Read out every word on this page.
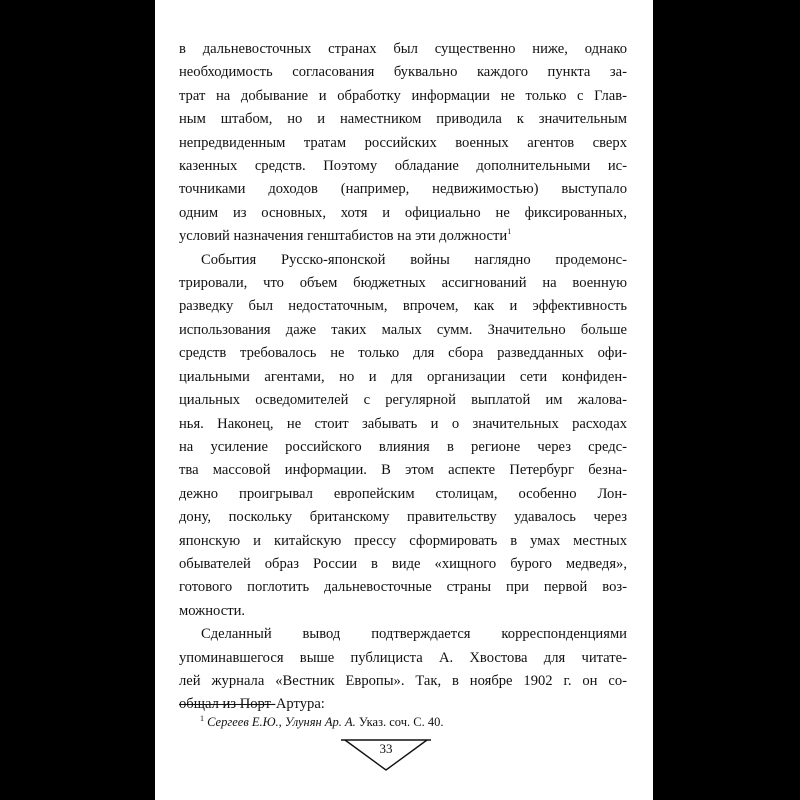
в дальневосточных странах был существенно ниже, однако
необходимость согласования буквально каждого пункта за-
трат на добывание и обработку информации не только с Глав-
ным штабом, но и наместником приводила к значительным
непредвиденным тратам российских военных агентов сверх
казенных средств. Поэтому обладание дополнительными ис-
точниками доходов (например, недвижимостью) выступало
одним из основных, хотя и официально не фиксированных,
условий назначения генштабистов на эти должности$^1$
События Русско-японской войны наглядно продемонс-
трировали, что объем бюджетных ассигнований на военную
разведку был недостаточным, впрочем, как и эффективность
использования даже таких малых сумм. Значительно больше
средств требовалось не только для сбора разведданных офи-
циальными агентами, но и для организации сети конфиден-
циальных осведомителей с регулярной выплатой им жалова-
нья. Наконец, не стоит забывать и о значительных расходах
на усиление российского влияния в регионе через средс-
тва массовой информации. В этом аспекте Петербург безна-
дежно проигрывал европейским столицам, особенно Лон-
дону, поскольку британскому правительству удавалось через
японскую и китайскую прессу сформировать в умах местных
обывателей образ России в виде «хищного бурого медведя»,
готового поглотить дальневосточные страны при первой воз-
можности.
Сделанный вывод подтверждается корреспонденциями
упоминавшегося выше публициста А. Хвостова для читате-
лей журнала «Вестник Европы». Так, в ноябре 1902 г. он со-
общал из Порт-Артура:
$^1$ Сергеев Е.Ю., Улунян Ар. А. Указ. соч. С. 40.
33
